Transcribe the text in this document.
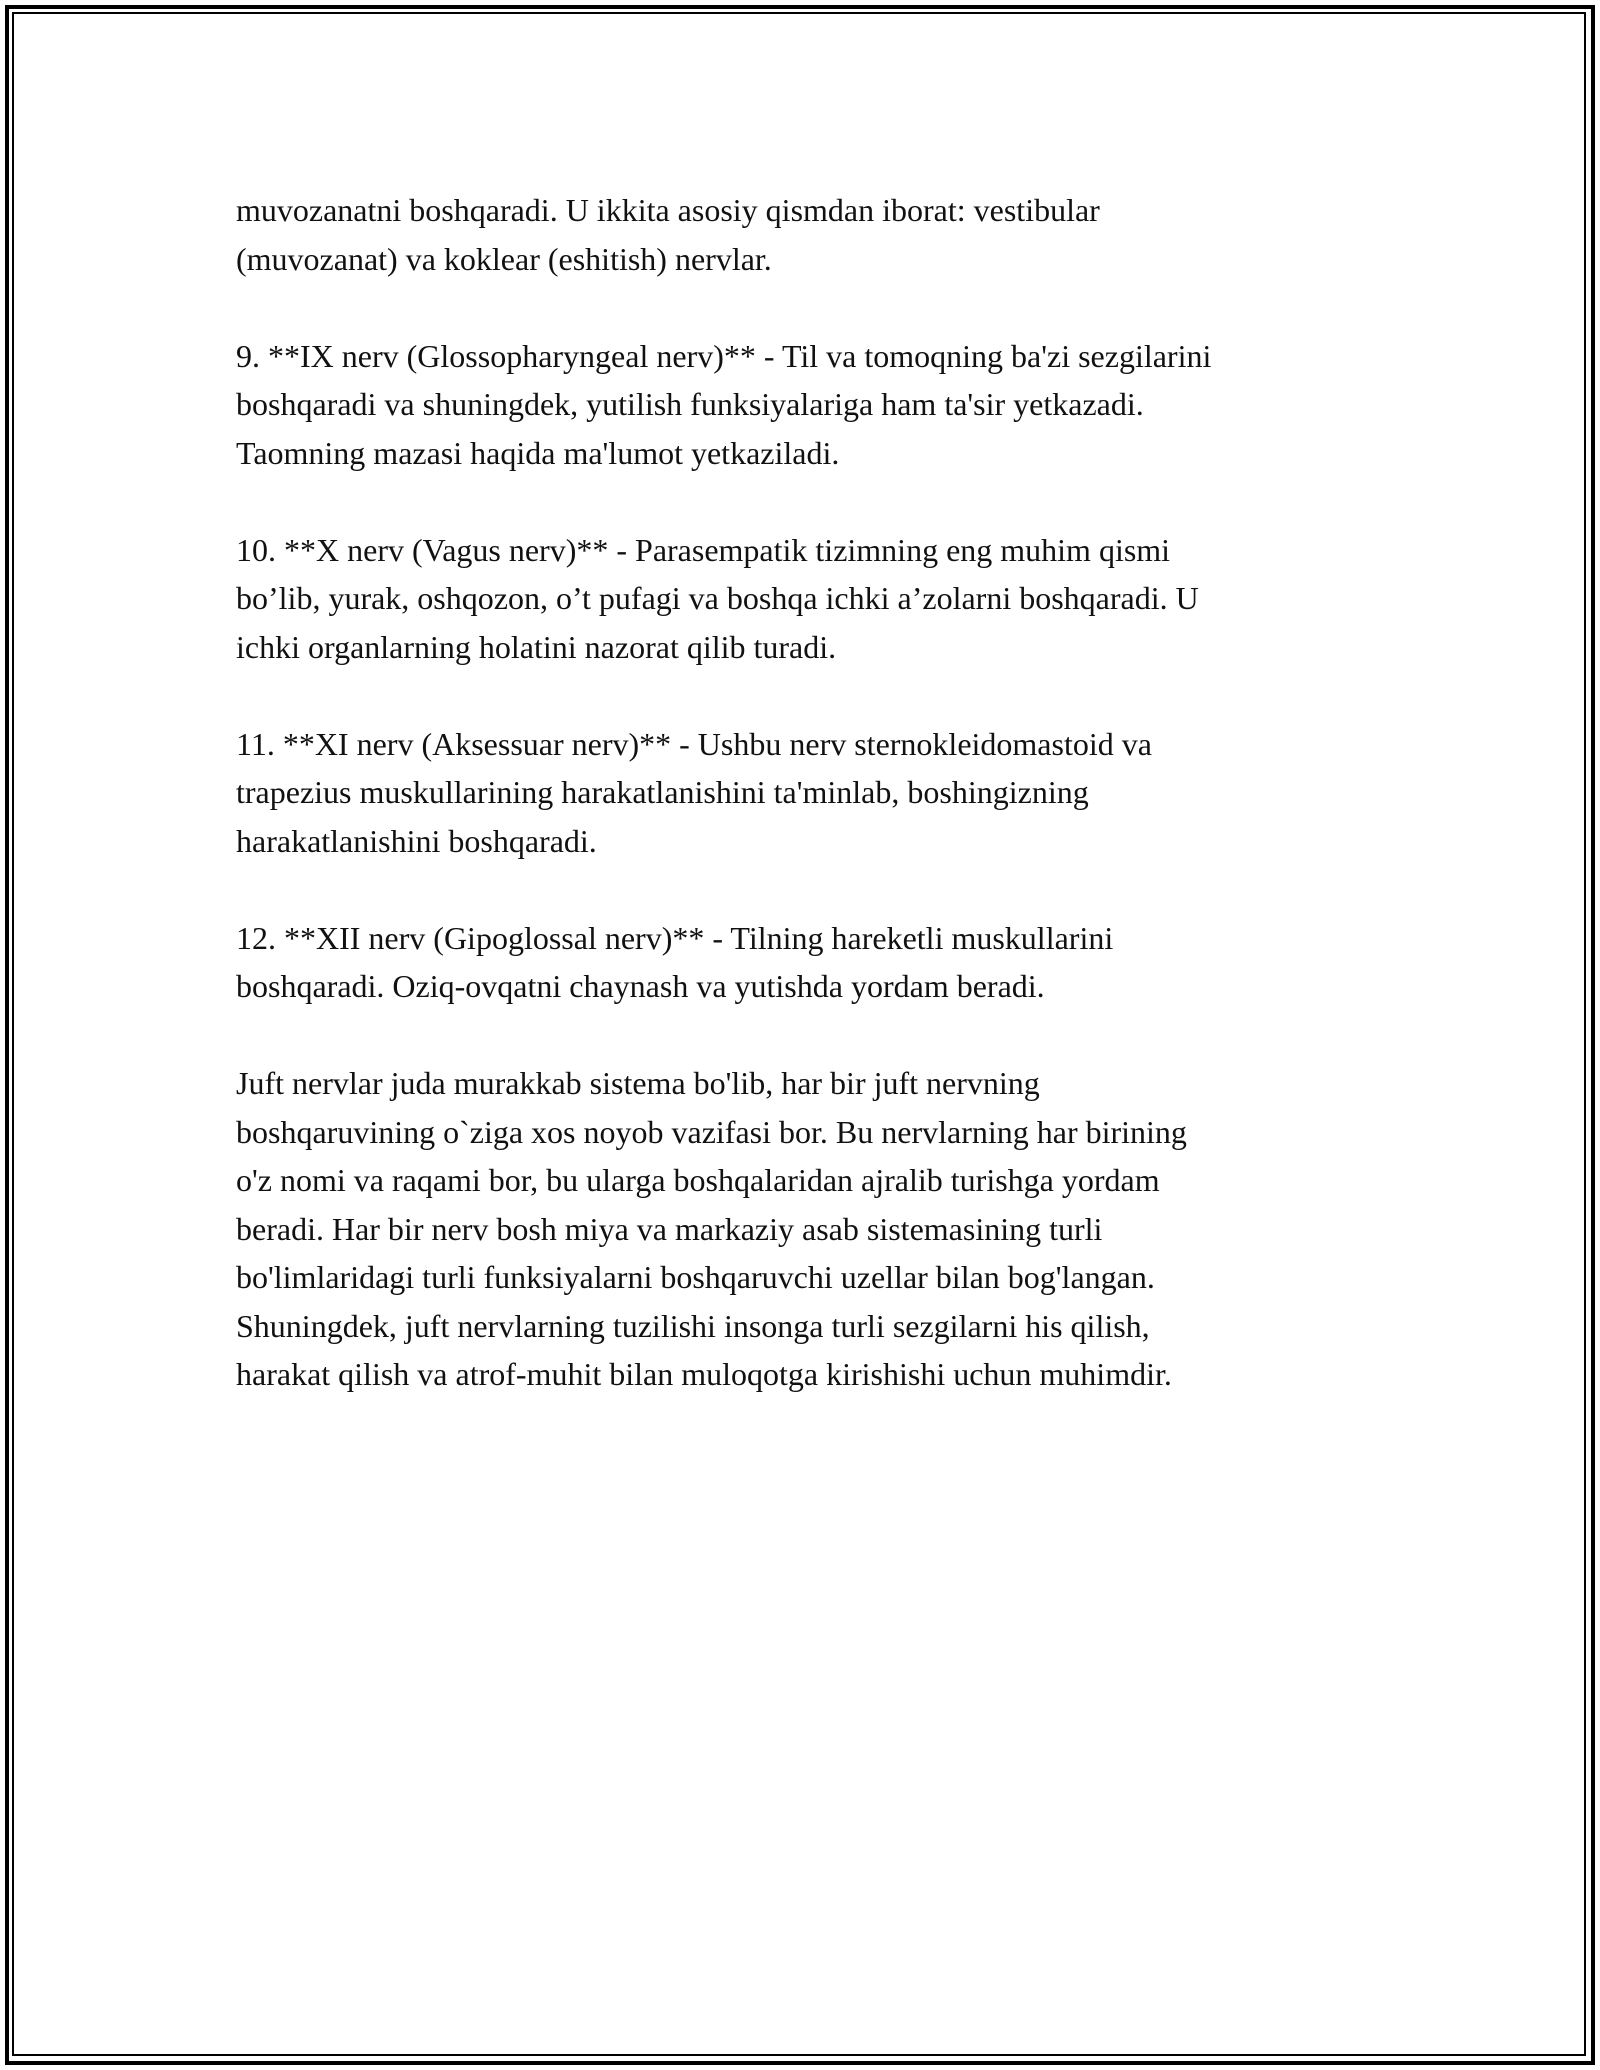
muvozanatni boshqaradi. U ikkita asosiy qismdan iborat: vestibular
(muvozanat) va koklear (eshitish) nervlar.

9. **IX nerv (Glossopharyngeal nerv)** - Til va tomoqning ba'zi sezgilarini
boshqaradi va shuningdek, yutilish funksiyalariga ham ta'sir yetkazadi.
Taomning mazasi haqida ma'lumot yetkaziladi.

10. **X nerv (Vagus nerv)** - Parasempatik tizimning eng muhim qismi
bo’lib, yurak, oshqozon, o’t pufagi va boshqa ichki a’zolarni boshqaradi. U
ichki organlarning holatini nazorat qilib turadi.

11. **XI nerv (Aksessuar nerv)** - Ushbu nerv sternokleidomastoid va
trapezius muskullarining harakatlanishini ta'minlab, boshingizning
harakatlanishini boshqaradi.

12. **XII nerv (Gipoglossal nerv)** - Tilning hareketli muskullarini
boshqaradi. Oziq-ovqatni chaynash va yutishda yordam beradi.

Juft nervlar juda murakkab sistema bo'lib, har bir juft nervning
boshqaruvining o`ziga xos noyob vazifasi bor. Bu nervlarning har birining
o'z nomi va raqami bor, bu ularga boshqalaridan ajralib turishga yordam
beradi. Har bir nerv bosh miya va markaziy asab sistemasining turli
bo'limlaridagi turli funksiyalarni boshqaruvchi uzellar bilan bog'langan.
Shuningdek, juft nervlarning tuzilishi insonga turli sezgilarni his qilish,
harakat qilish va atrof-muhit bilan muloqotga kirishishi uchun muhimdir.
